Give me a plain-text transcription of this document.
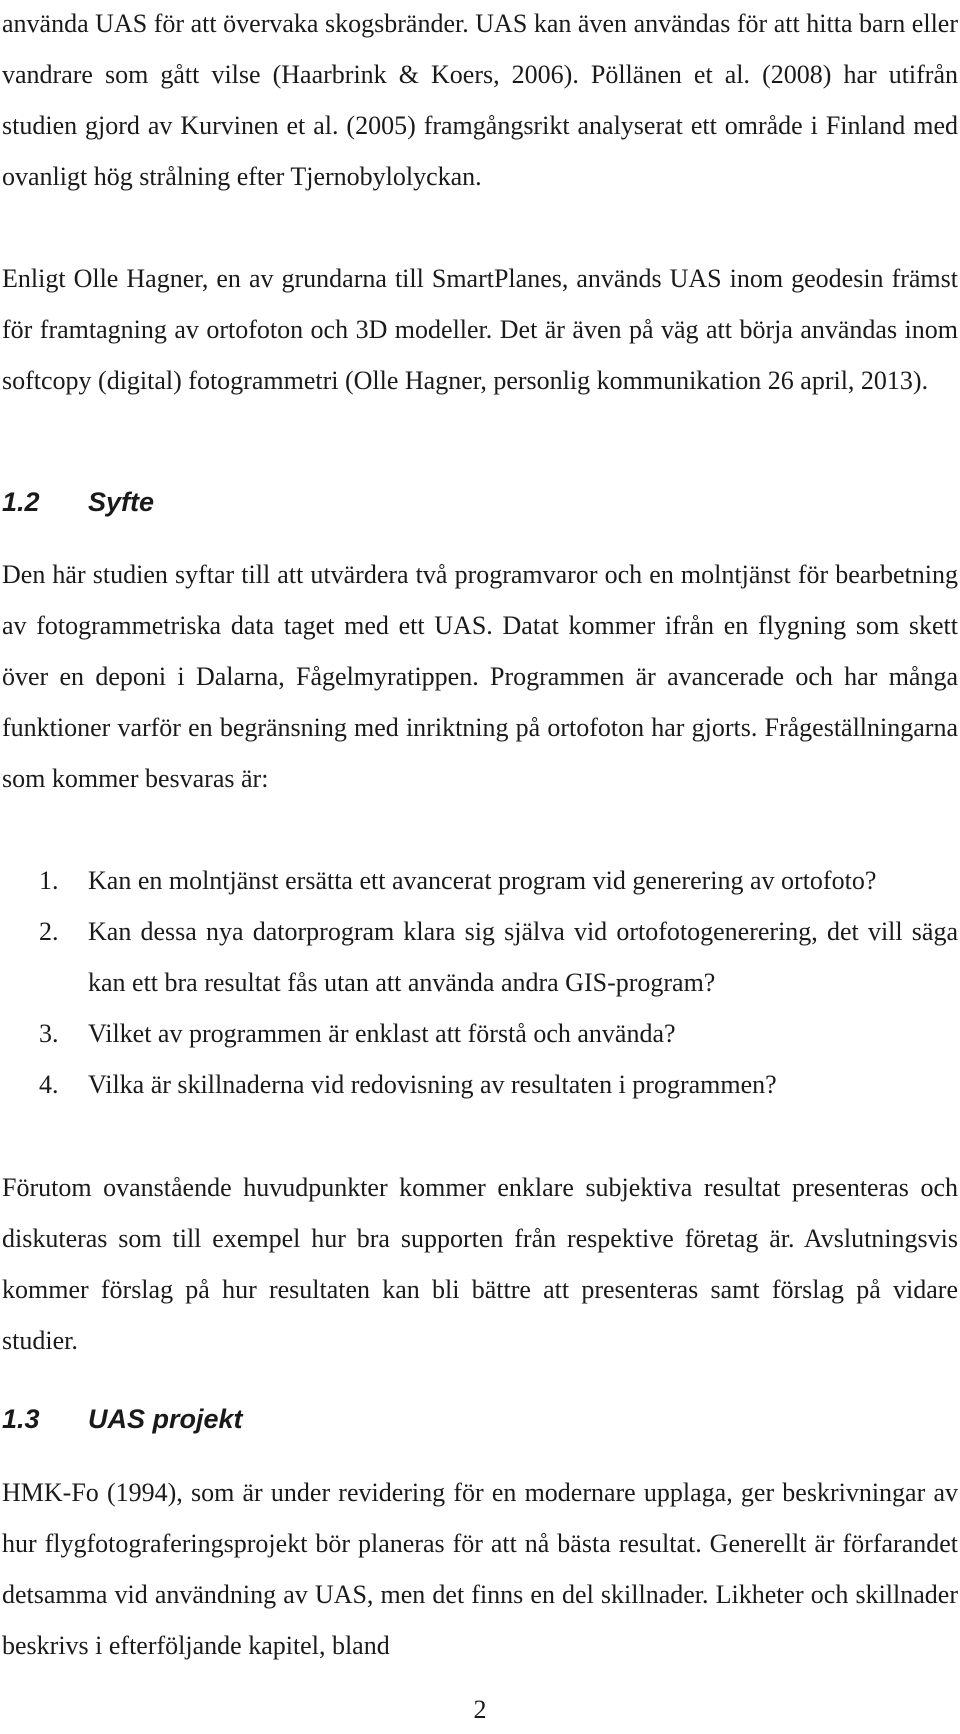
använda UAS för att övervaka skogsbränder. UAS kan även användas för att hitta barn eller vandrare som gått vilse (Haarbrink & Koers, 2006). Pöllänen et al. (2008) har utifrån studien gjord av Kurvinen et al. (2005) framgångsrikt analyserat ett område i Finland med ovanligt hög strålning efter Tjernobylolyckan.

Enligt Olle Hagner, en av grundarna till SmartPlanes, används UAS inom geodesin främst för framtagning av ortofoton och 3D modeller. Det är även på väg att börja användas inom softcopy (digital) fotogrammetri (Olle Hagner, personlig kommunikation 26 april, 2013).

1.2 Syfte

Den här studien syftar till att utvärdera två programvaror och en molntjänst för bearbetning av fotogrammetriska data taget med ett UAS. Datat kommer ifrån en flygning som skett över en deponi i Dalarna, Fågelmyratippen. Programmen är avancerade och har många funktioner varför en begränsning med inriktning på ortofoton har gjorts. Frågeställningarna som kommer besvaras är:

1. Kan en molntjänst ersätta ett avancerat program vid generering av ortofoto?
2. Kan dessa nya datorprogram klara sig själva vid ortofotogenerering, det vill säga kan ett bra resultat fås utan att använda andra GIS-program?
3. Vilket av programmen är enklast att förstå och använda?
4. Vilka är skillnaderna vid redovisning av resultaten i programmen?

Förutom ovanstående huvudpunkter kommer enklare subjektiva resultat presenteras och diskuteras som till exempel hur bra supporten från respektive företag är. Avslutningsvis kommer förslag på hur resultaten kan bli bättre att presenteras samt förslag på vidare studier.

1.3 UAS projekt

HMK-Fo (1994), som är under revidering för en modernare upplaga, ger beskrivningar av hur flygfotograferingsprojekt bör planeras för att nå bästa resultat. Generellt är förfarandet detsamma vid användning av UAS, men det finns en del skillnader. Likheter och skillnader beskrivs i efterföljande kapitel, bland

2
